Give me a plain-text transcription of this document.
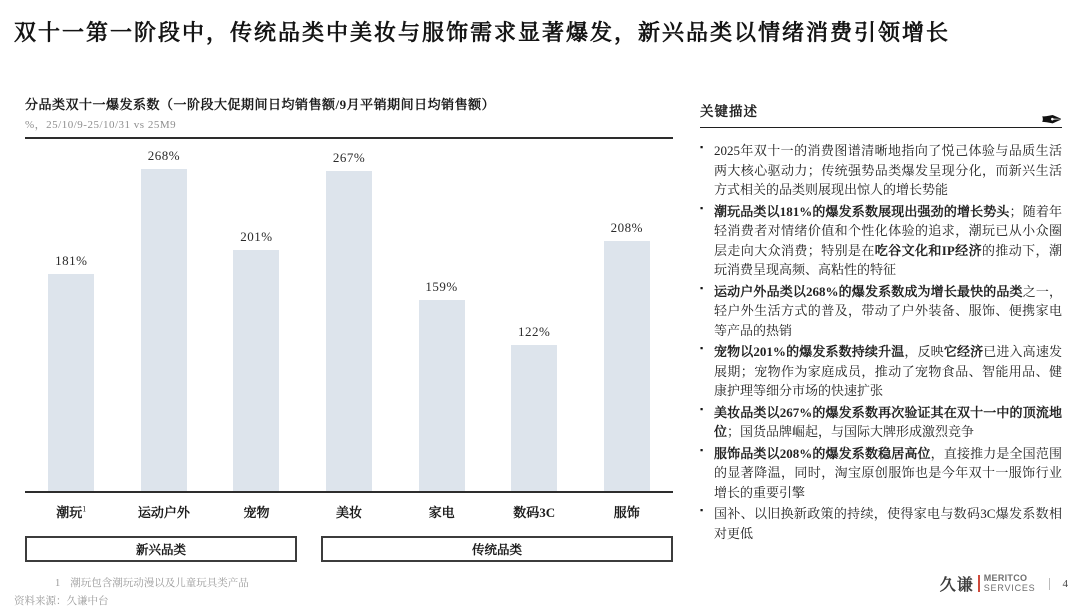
双十一第一阶段中，传统品类中美妆与服饰需求显著爆发，新兴品类以情绪消费引领增长
分品类双十一爆发系数（一阶段大促期间日均销售额/9月平销期间日均销售额）
%，25/10/9-25/10/31 vs 25M9
181%
268%
201%
267%
159%
122%
208%
潮玩$^1$	运动户外	宠物	美妆	家电	数码3C	服饰
新兴品类	传统品类
1 潮玩包含潮玩动漫以及儿童玩具类产品
资料来源：久谦中台
关键描述	✒
▪ 2025年双十一的消费图谱清晰地指向了悦己体验与品质生活两大核心驱动力；传统强势品类爆发呈现分化，而新兴生活方式相关的品类则展现出惊人的增长势能
▪ 潮玩品类以181%的爆发系数展现出强劲的增长势头；随着年轻消费者对情绪价值和个性化体验的追求，潮玩已从小众圈层走向大众消费；特别是在吃谷文化和IP经济的推动下，潮玩消费呈现高频、高粘性的特征
▪ 运动户外品类以268%的爆发系数成为增长最快的品类之一，轻户外生活方式的普及，带动了户外装备、服饰、便携家电等产品的热销
▪ 宠物以201%的爆发系数持续升温，反映它经济已进入高速发展期；宠物作为家庭成员，推动了宠物食品、智能用品、健康护理等细分市场的快速扩张
▪ 美妆品类以267%的爆发系数再次验证其在双十一中的顶流地位；国货品牌崛起，与国际大牌形成激烈竞争
▪ 服饰品类以208%的爆发系数稳居高位，直接推力是全国范围的显著降温，同时，淘宝原创服饰也是今年双十一服饰行业增长的重要引擎
▪ 国补、以旧换新政策的持续，使得家电与数码3C爆发系数相对更低
久谦 MERITCO
SERVICES 4
